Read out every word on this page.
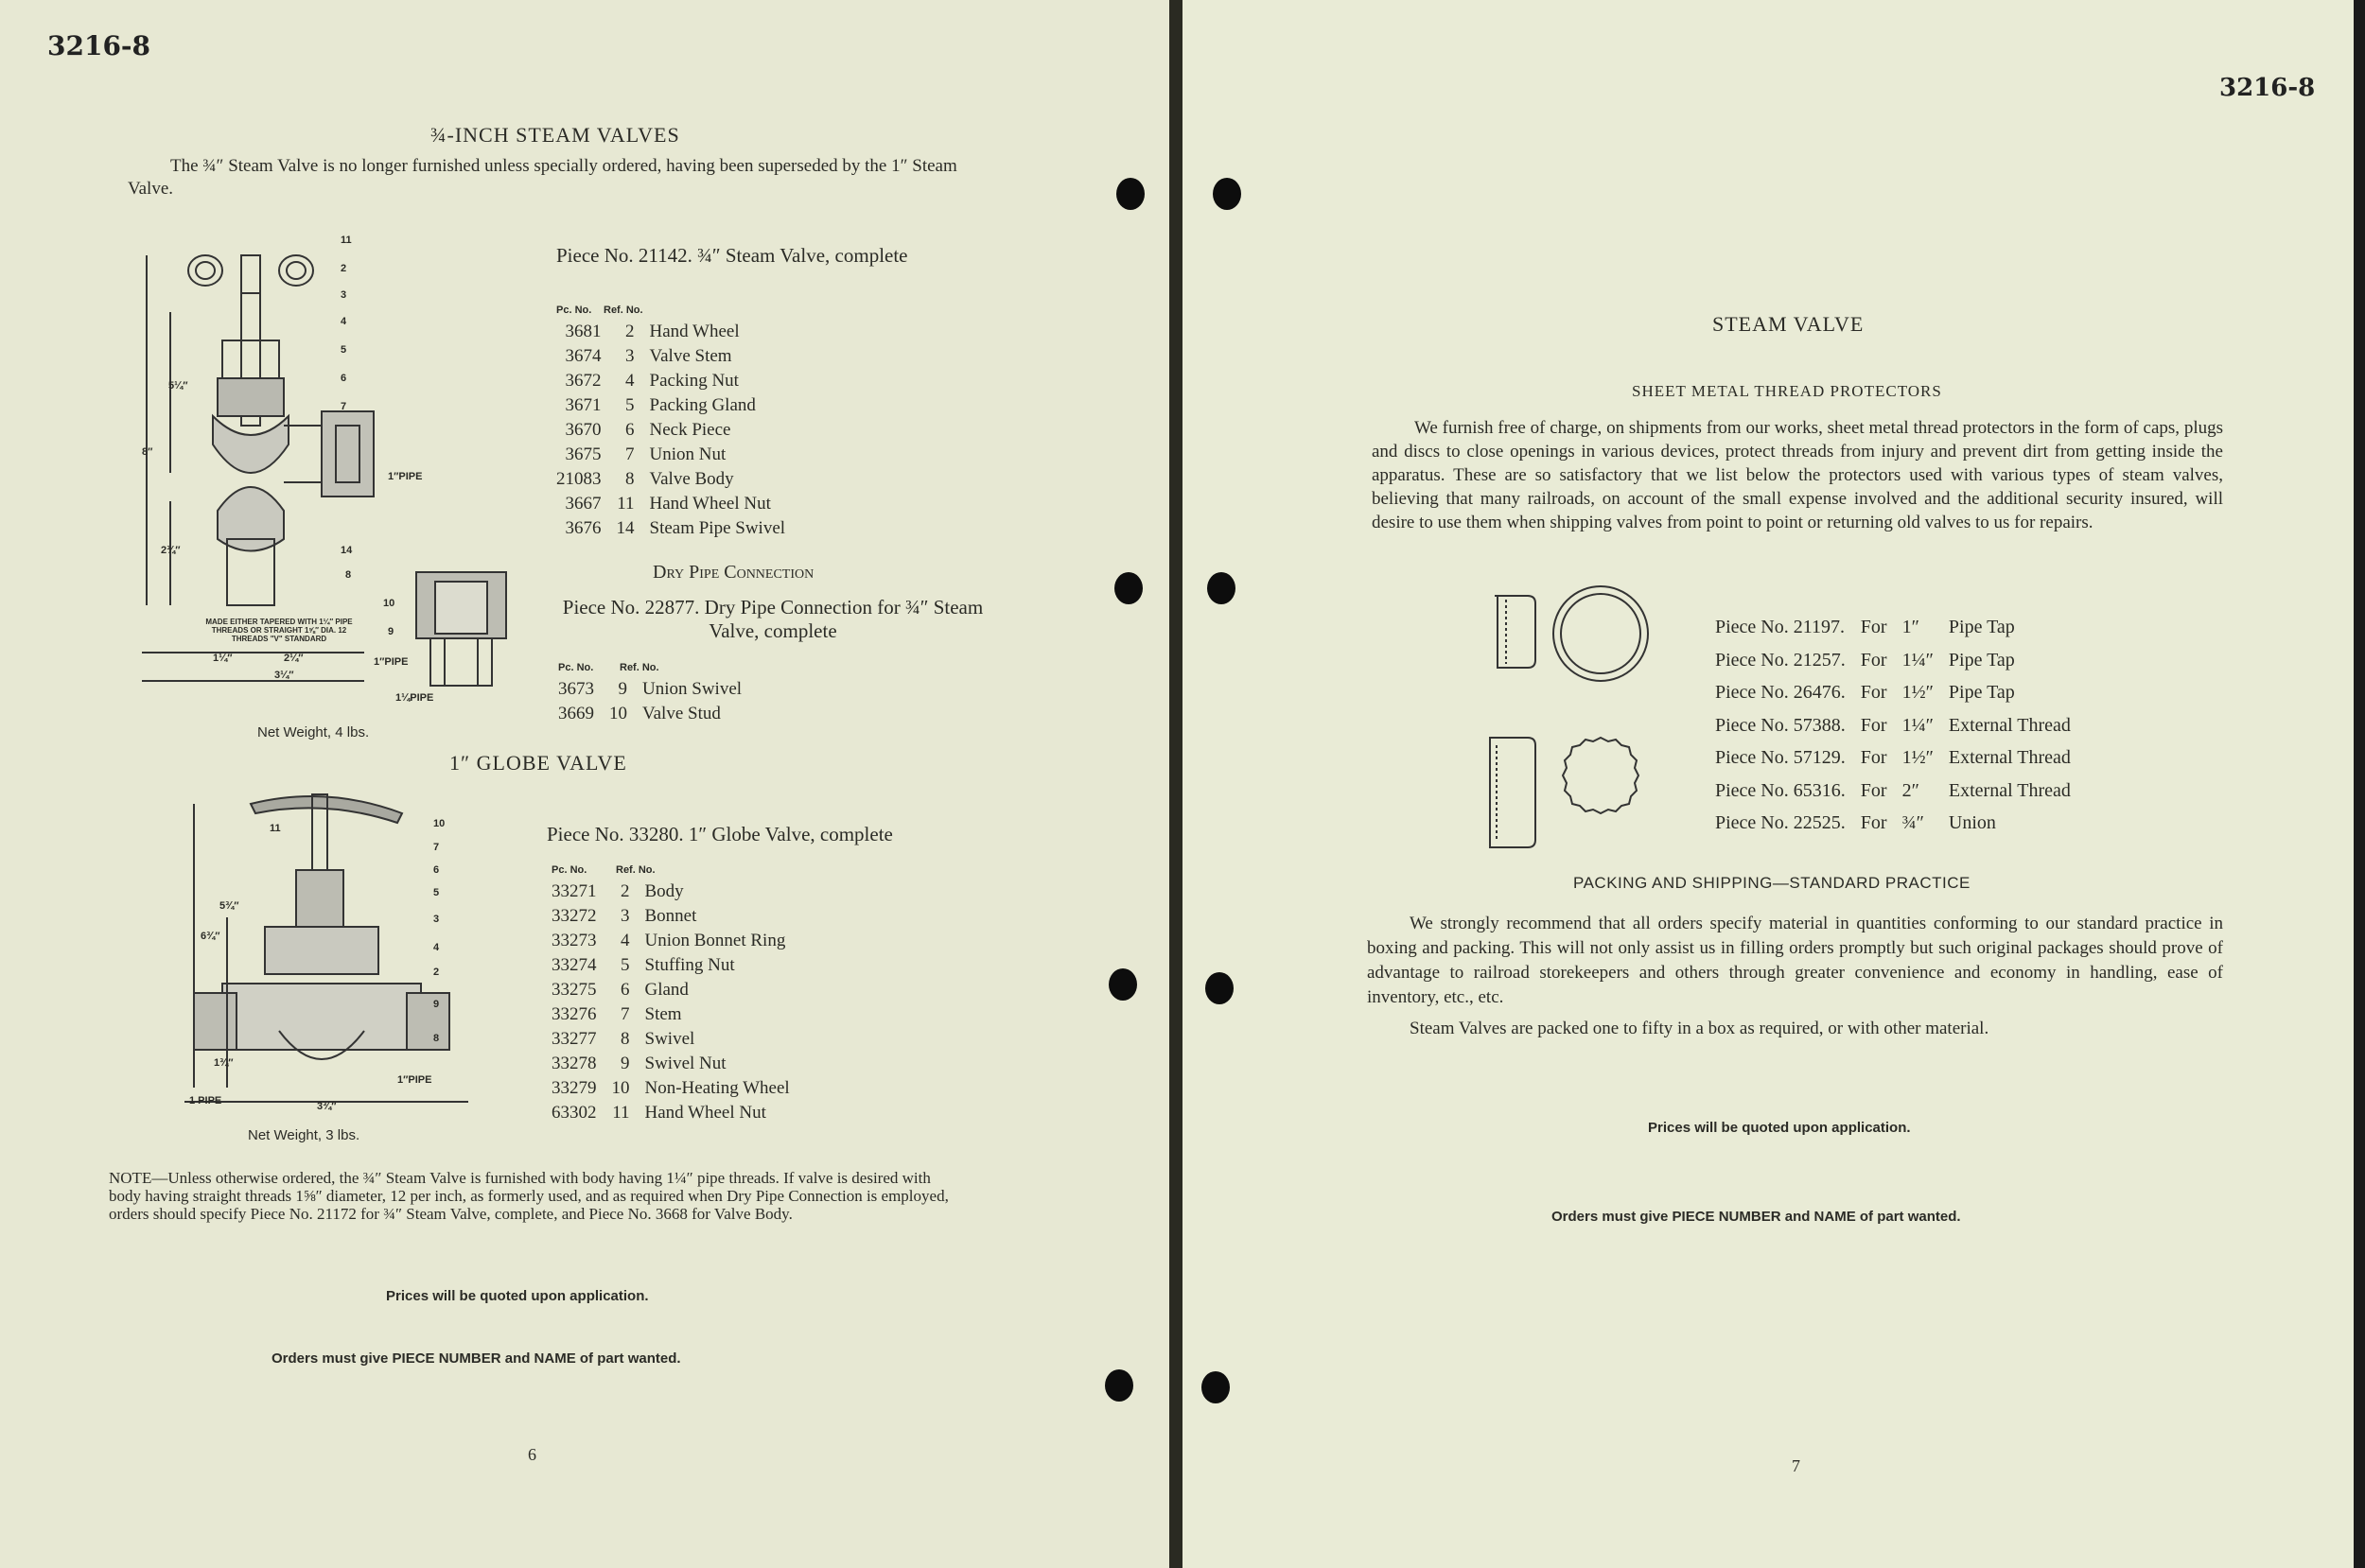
3216-8
¾-INCH STEAM VALVES
The ¾″ Steam Valve is no longer furnished unless specially ordered, having been superseded by the 1″ Steam Valve.
11
2
3
4
5
6
7
14
8
1″PIPE
5¼″
8″
2¾″
MADE EITHER TAPERED WITH 1¼″ PIPE THREADS OR STRAIGHT 1⅝″ DIA. 12 THREADS "V" STANDARD
1¼″	2¼″
3¼″
10
9
1″PIPE
1¼PIPE
Net Weight, 4 lbs.
Piece No. 21142. ¾″ Steam Valve, complete
Pc. No. Ref. No.
3681	2	Hand Wheel
3674	3	Valve Stem
3672	4	Packing Nut
3671	5	Packing Gland
3670	6	Neck Piece
3675	7	Union Nut
21083	8	Valve Body
3667	11	Hand Wheel Nut
3676	14	Steam Pipe Swivel
Dry Pipe Connection
Piece No. 22877. Dry Pipe Connection for ¾″ Steam Valve, complete
Pc. No.	Ref. No.
3673	9	Union Swivel
3669	10	Valve Stud
1″ GLOBE VALVE
11	10
7
6
5
3
4
2
9
8
5¾″
6¾″
1¾″
1″PIPE
1 PIPE	3¾″
Net Weight, 3 lbs.
Piece No. 33280. 1″ Globe Valve, complete
Pc. No.	Ref. No.
33271	2	Body
33272	3	Bonnet
33273	4	Union Bonnet Ring
33274	5	Stuffing Nut
33275	6	Gland
33276	7	Stem
33277	8	Swivel
33278	9	Swivel Nut
33279	10	Non-Heating Wheel
63302	11	Hand Wheel Nut
NOTE—Unless otherwise ordered, the ¾″ Steam Valve is furnished with body having 1¼″ pipe threads. If valve is desired with body having straight threads 1⅝″ diameter, 12 per inch, as formerly used, and as required when Dry Pipe Connection is employed, orders should specify Piece No. 21172 for ¾″ Steam Valve, complete, and Piece No. 3668 for Valve Body.
Prices will be quoted upon application.
Orders must give PIECE NUMBER and NAME of part wanted.
6
3216-8
STEAM VALVE
SHEET METAL THREAD PROTECTORS
We furnish free of charge, on shipments from our works, sheet metal thread protectors in the form of caps, plugs and discs to close openings in various devices, protect threads from injury and prevent dirt from getting inside the apparatus. These are so satisfactory that we list below the protectors used with various types of steam valves, believing that many railroads, on account of the small expense involved and the additional security insured, will desire to use them when shipping valves from point to point or returning old valves to us for repairs.
Piece No. 21197.	For	1″	Pipe Tap
Piece No. 21257.	For	1¼″	Pipe Tap
Piece No. 26476.	For	1½″	Pipe Tap
Piece No. 57388.	For	1¼″	External Thread
Piece No. 57129.	For	1½″	External Thread
Piece No. 65316.	For	2″	External Thread
Piece No. 22525.	For	¾″	Union
PACKING AND SHIPPING—STANDARD PRACTICE
We strongly recommend that all orders specify material in quantities conforming to our standard practice in boxing and packing. This will not only assist us in filling orders promptly but such original packages should prove of advantage to railroad storekeepers and others through greater convenience and economy in handling, ease of inventory, etc., etc.
Steam Valves are packed one to fifty in a box as required, or with other material.
Prices will be quoted upon application.
Orders must give PIECE NUMBER and NAME of part wanted.
7
